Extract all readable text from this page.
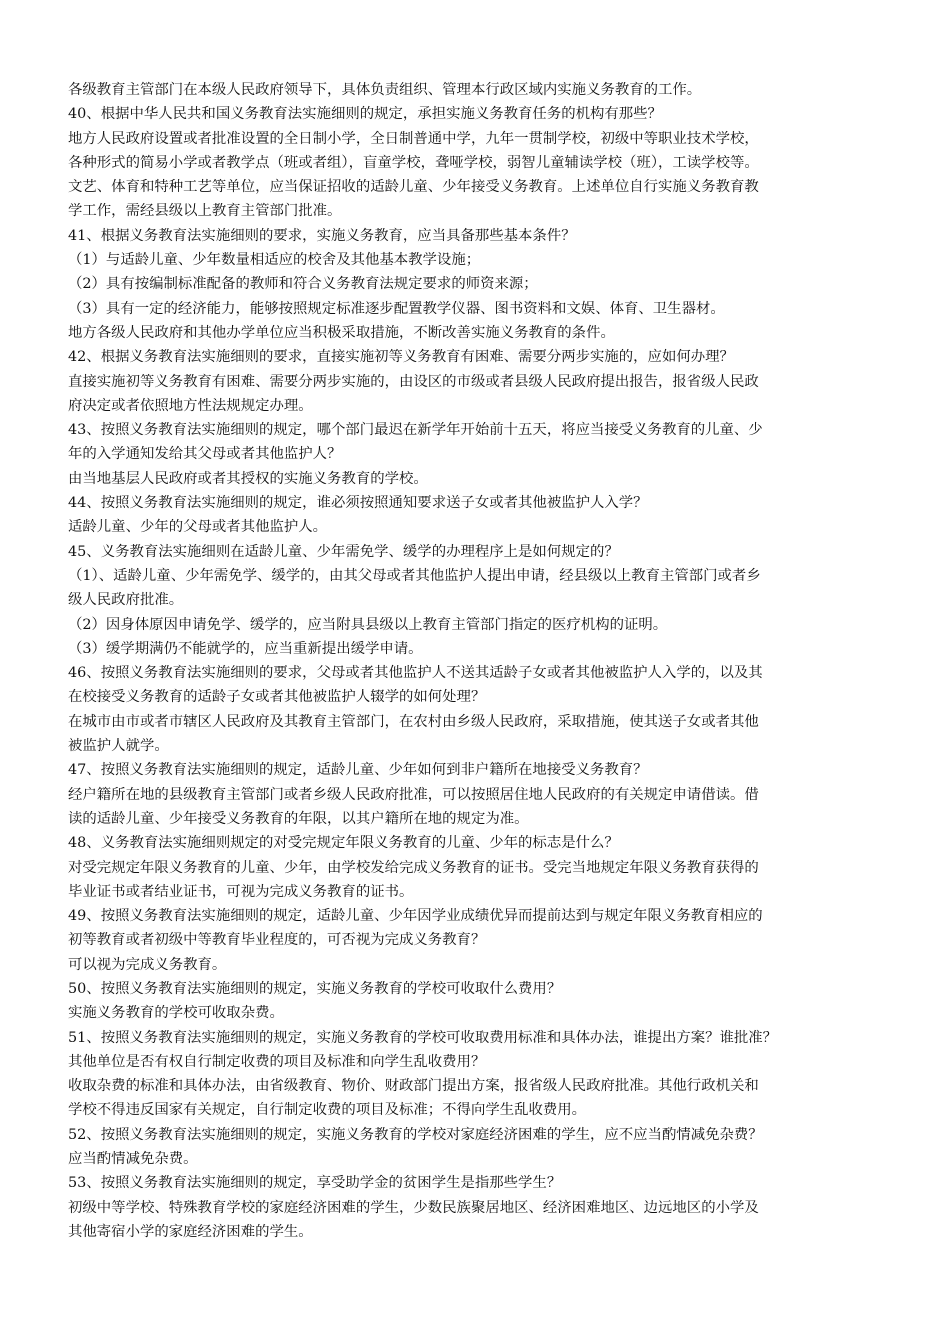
各级教育主管部门在本级人民政府领导下，具体负责组织、管理本行政区域内实施义务教育的工作。
40、根据中华人民共和国义务教育法实施细则的规定，承担实施义务教育任务的机构有那些？
地方人民政府设置或者批准设置的全日制小学，全日制普通中学，九年一贯制学校，初级中等职业技术学校，
各种形式的简易小学或者教学点（班或者组），盲童学校，聋哑学校，弱智儿童辅读学校（班），工读学校等。
文艺、体育和特种工艺等单位，应当保证招收的适龄儿童、少年接受义务教育。上述单位自行实施义务教育教
学工作，需经县级以上教育主管部门批准。
41、根据义务教育法实施细则的要求，实施义务教育，应当具备那些基本条件？
（1）与适龄儿童、少年数量相适应的校舍及其他基本教学设施；
（2）具有按编制标准配备的教师和符合义务教育法规定要求的师资来源；
（3）具有一定的经济能力，能够按照规定标准逐步配置教学仪器、图书资料和文娱、体育、卫生器材。
地方各级人民政府和其他办学单位应当积极采取措施，不断改善实施义务教育的条件。
42、根据义务教育法实施细则的要求，直接实施初等义务教育有困难、需要分两步实施的，应如何办理？
直接实施初等义务教育有困难、需要分两步实施的，由设区的市级或者县级人民政府提出报告，报省级人民政
府决定或者依照地方性法规规定办理。
43、按照义务教育法实施细则的规定，哪个部门最迟在新学年开始前十五天，将应当接受义务教育的儿童、少
年的入学通知发给其父母或者其他监护人？
由当地基层人民政府或者其授权的实施义务教育的学校。
44、按照义务教育法实施细则的规定，谁必须按照通知要求送子女或者其他被监护人入学？
适龄儿童、少年的父母或者其他监护人。
45、义务教育法实施细则在适龄儿童、少年需免学、缓学的办理程序上是如何规定的？
（1）、适龄儿童、少年需免学、缓学的，由其父母或者其他监护人提出申请，经县级以上教育主管部门或者乡
级人民政府批准。
（2）因身体原因申请免学、缓学的，应当附具县级以上教育主管部门指定的医疗机构的证明。
（3）缓学期满仍不能就学的，应当重新提出缓学申请。
46、按照义务教育法实施细则的要求，父母或者其他监护人不送其适龄子女或者其他被监护人入学的，以及其
在校接受义务教育的适龄子女或者其他被监护人辍学的如何处理？
在城市由市或者市辖区人民政府及其教育主管部门，在农村由乡级人民政府，采取措施，使其送子女或者其他
被监护人就学。
47、按照义务教育法实施细则的规定，适龄儿童、少年如何到非户籍所在地接受义务教育？
经户籍所在地的县级教育主管部门或者乡级人民政府批准，可以按照居住地人民政府的有关规定申请借读。借
读的适龄儿童、少年接受义务教育的年限，以其户籍所在地的规定为准。
48、义务教育法实施细则规定的对受完规定年限义务教育的儿童、少年的标志是什么？
对受完规定年限义务教育的儿童、少年，由学校发给完成义务教育的证书。受完当地规定年限义务教育获得的
毕业证书或者结业证书，可视为完成义务教育的证书。
49、按照义务教育法实施细则的规定，适龄儿童、少年因学业成绩优异而提前达到与规定年限义务教育相应的
初等教育或者初级中等教育毕业程度的，可否视为完成义务教育？
可以视为完成义务教育。
50、按照义务教育法实施细则的规定，实施义务教育的学校可收取什么费用？
实施义务教育的学校可收取杂费。
51、按照义务教育法实施细则的规定，实施义务教育的学校可收取费用标准和具体办法，谁提出方案？谁批准？
其他单位是否有权自行制定收费的项目及标准和向学生乱收费用？
收取杂费的标准和具体办法，由省级教育、物价、财政部门提出方案，报省级人民政府批准。其他行政机关和
学校不得违反国家有关规定，自行制定收费的项目及标准；不得向学生乱收费用。
52、按照义务教育法实施细则的规定，实施义务教育的学校对家庭经济困难的学生，应不应当酌情减免杂费？
应当酌情减免杂费。
53、按照义务教育法实施细则的规定，享受助学金的贫困学生是指那些学生？
初级中等学校、特殊教育学校的家庭经济困难的学生，少数民族聚居地区、经济困难地区、边远地区的小学及
其他寄宿小学的家庭经济困难的学生。
